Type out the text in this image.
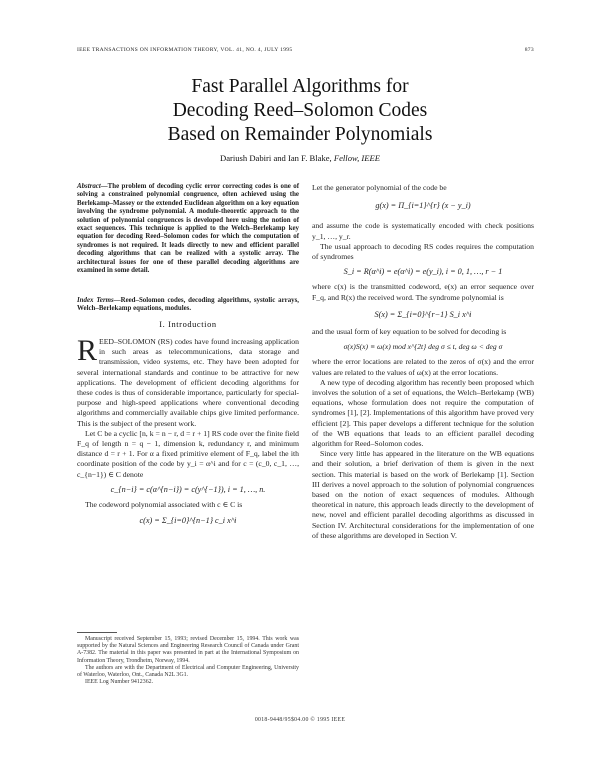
IEEE TRANSACTIONS ON INFORMATION THEORY, VOL. 41, NO. 4, JULY 1995	873
Fast Parallel Algorithms for
Decoding Reed–Solomon Codes
Based on Remainder Polynomials
Dariush Dabiri and Ian F. Blake, Fellow, IEEE
Abstract—The problem of decoding cyclic error correcting codes is one of solving a constrained polynomial congruence, often achieved using the Berlekamp–Massey or the extended Euclidean algorithm on a key equation involving the syndrome polynomial. A module-theoretic approach to the solution of polynomial congruences is developed here using the notion of exact sequences. This technique is applied to the Welch–Berlekamp key equation for decoding Reed–Solomon codes for which the computation of syndromes is not required. It leads directly to new and efficient parallel decoding algorithms that can be realized with a systolic array. The architectural issues for one of these parallel decoding algorithms are examined in some detail.
Index Terms—Reed–Solomon codes, decoding algorithms, systolic arrays, Welch–Berlekamp equations, modules.
I. Introduction

REED–SOLOMON (RS) codes have found increasing application in such areas as telecommunications, data storage and transmission, video systems, etc. They have been adopted for several international standards and continue to be attractive for new applications. The development of efficient decoding algorithms for these codes is thus of considerable importance, particularly for special-purpose and high-speed applications where conventional decoding algorithms and commercially available chips give limited performance. This is the subject of the present work.

Let C be a cyclic [n, k = n − r, d = r + 1] RS code over the finite field F_q of length n = q − 1, dimension k, redundancy r, and minimum distance d = r + 1. For α a fixed primitive element of F_q, label the ith coordinate position of the code by y_i = α^i and for c = (c_0, c_1, …, c_{n−1}) ∈ C denote

c_{n−i} = c(α^{n−i}) = c(y^{−1}), i = 1, …, n.

The codeword polynomial associated with c ∈ C is

c(x) = Σ_{i=0}^{n−1} c_i x^i

Manuscript received September 15, 1993; revised December 15, 1994. This work was supported by the Natural Sciences and Engineering Research Council of Canada under Grant A-7382. The material in this paper was presented in part at the International Symposium on Information Theory, Trondheim, Norway, 1994.

The authors are with the Department of Electrical and Computer Engineering, University of Waterloo, Waterloo, Ont., Canada N2L 3G1.

IEEE Log Number 9412362.

Let the generator polynomial of the code be

g(x) = Π_{i=1}^{r} (x − y_i)

and assume the code is systematically encoded with check positions y_1, …, y_r.

The usual approach to decoding RS codes requires the computation of syndromes

S_i = R(α^i) = e(α^i) = e(y_i), i = 0, 1, …, r − 1

where c(x) is the transmitted codeword, e(x) an error sequence over F_q, and R(x) the received word. The syndrome polynomial is

S(x) = Σ_{i=0}^{r−1} S_i x^i

and the usual form of key equation to be solved for decoding is

σ(x)S(x) ≡ ω(x) mod x^{2t} deg σ ≤ t, deg ω < deg σ

where the error locations are related to the zeros of σ(x) and the error values are related to the values of ω(x) at the error locations.

A new type of decoding algorithm has recently been proposed which involves the solution of a set of equations, the Welch–Berlekamp (WB) equations, whose formulation does not require the computation of syndromes [1], [2]. Implementations of this algorithm have proved very efficient [2]. This paper develops a different technique for the solution of the WB equations that leads to an efficient parallel decoding algorithm for Reed–Solomon codes.

Since very little has appeared in the literature on the WB equations and their solution, a brief derivation of them is given in the next section. This material is based on the work of Berlekamp [1]. Section III derives a novel approach to the solution of polynomial congruences based on the notion of exact sequences of modules. Although theoretical in nature, this approach leads directly to the development of new, novel and efficient parallel decoding algorithms as discussed in Section IV. Architectural considerations for the implementation of one of these algorithms are developed in Section V.

0018-9448/95$04.00 © 1995 IEEE
